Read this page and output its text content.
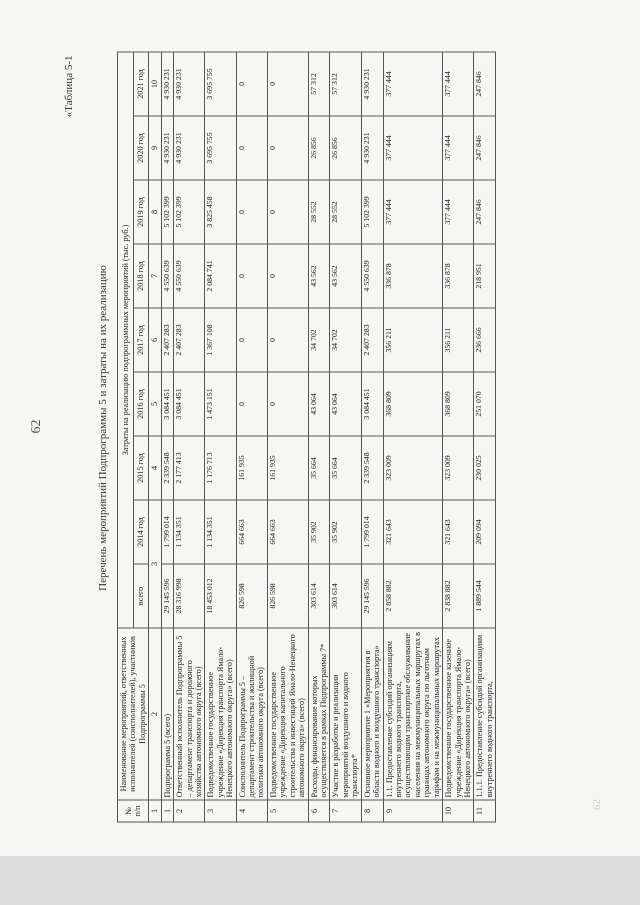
62
62
«Таблица 5-1
Перечень мероприятий Подпрограммы 5 и затраты на их реализацию
№
п/п	Наименование мероприятий, ответственных исполнителей (соисполнителей), участников Подпрограммы 5	Затраты на реализацию подпрограммных мероприятий (тыс. руб.)								
		всего	2014 год	2015 год	2016 год	2017 год	2018 год	2019 год	2020 год	2021 год
1	2	3		4	5	6	7	8	9	10
1	Подпрограмма 5 (всего)	29 145 596	1 799 014	2 339 548	3 084 451	2 407 283	4 550 639	5 102 399	4 930 231	4 930 231
2	Ответственный исполнитель Подпрограммы 5 – департамент транспорта и дорожного хозяйства автономного округа (всего)	28 316 998	1 134 351	2 177 413	3 084 451	2 407 283	4 550 639	5 102 399	4 930 231	4 930 231
3	Подведомственное государственное учреждение «Дирекция транспорта Ямало-Ненецкого автономного округа» (всего)	18 453 012	1 134 351	1 176 713	1 473 151	1 367 108	2 084 741	3 825 458	3 695 755	3 695 755
4	Соисполнитель Подпрограммы 5 – департамент строительства и жилищной политики автономного округа (всего)	826 598	664 663	161 935	0	0	0	0	0	0
5	Подведомственное государственное учреждение «Дирекция капитального строительства и инвестиций Ямало-Ненецкого автономного округа» (всего)	826 598	664 663	161 935	0	0	0	0	0	0
6	Расходы, финансирование которых осуществляется в рамках Подпрограммы 7*	303 614	35 902	35 664	43 064	34 702	43 562	28 552	26 856	57 312
7	Участие в разработке и реализации мероприятий воздушного и водного транспорта*	303 614	35 902	35 664	43 064	34 702	43 562	28 552	26 856	57 312
8	Основное мероприятие 1 «Мероприятия в области водного и воздушного транспорта»	29 145 596	1 799 014	2 339 548	3 084 451	2 407 283	4 550 639	5 102 399	4 930 231	4 930 231
9	1.1. Предоставление субсидий организациям внутреннего водного транспорта, осуществляющим транспортное обслуживание населения на межмуниципальных маршрутах в границах автономного округа по льготным тарифам и на межмуниципальных маршрутах	2 858 882	321 643	323 009	368 809	356 211	336 878	377 444	377 444	377 444
10	Подведомственное государственное казенное учреждение «Дирекция транспорта Ямало-Ненецкого автономного округа» (всего)	2 838 882	321 643	323 009	368 809	356 211	336 878	377 444	377 444	377 444
11	1.1.1. Предоставление субсидий организациям внутреннего водного транспорта,	1 889 544	209 094	230 025	251 070	236 666	218 951	247 846	247 846	247 846
